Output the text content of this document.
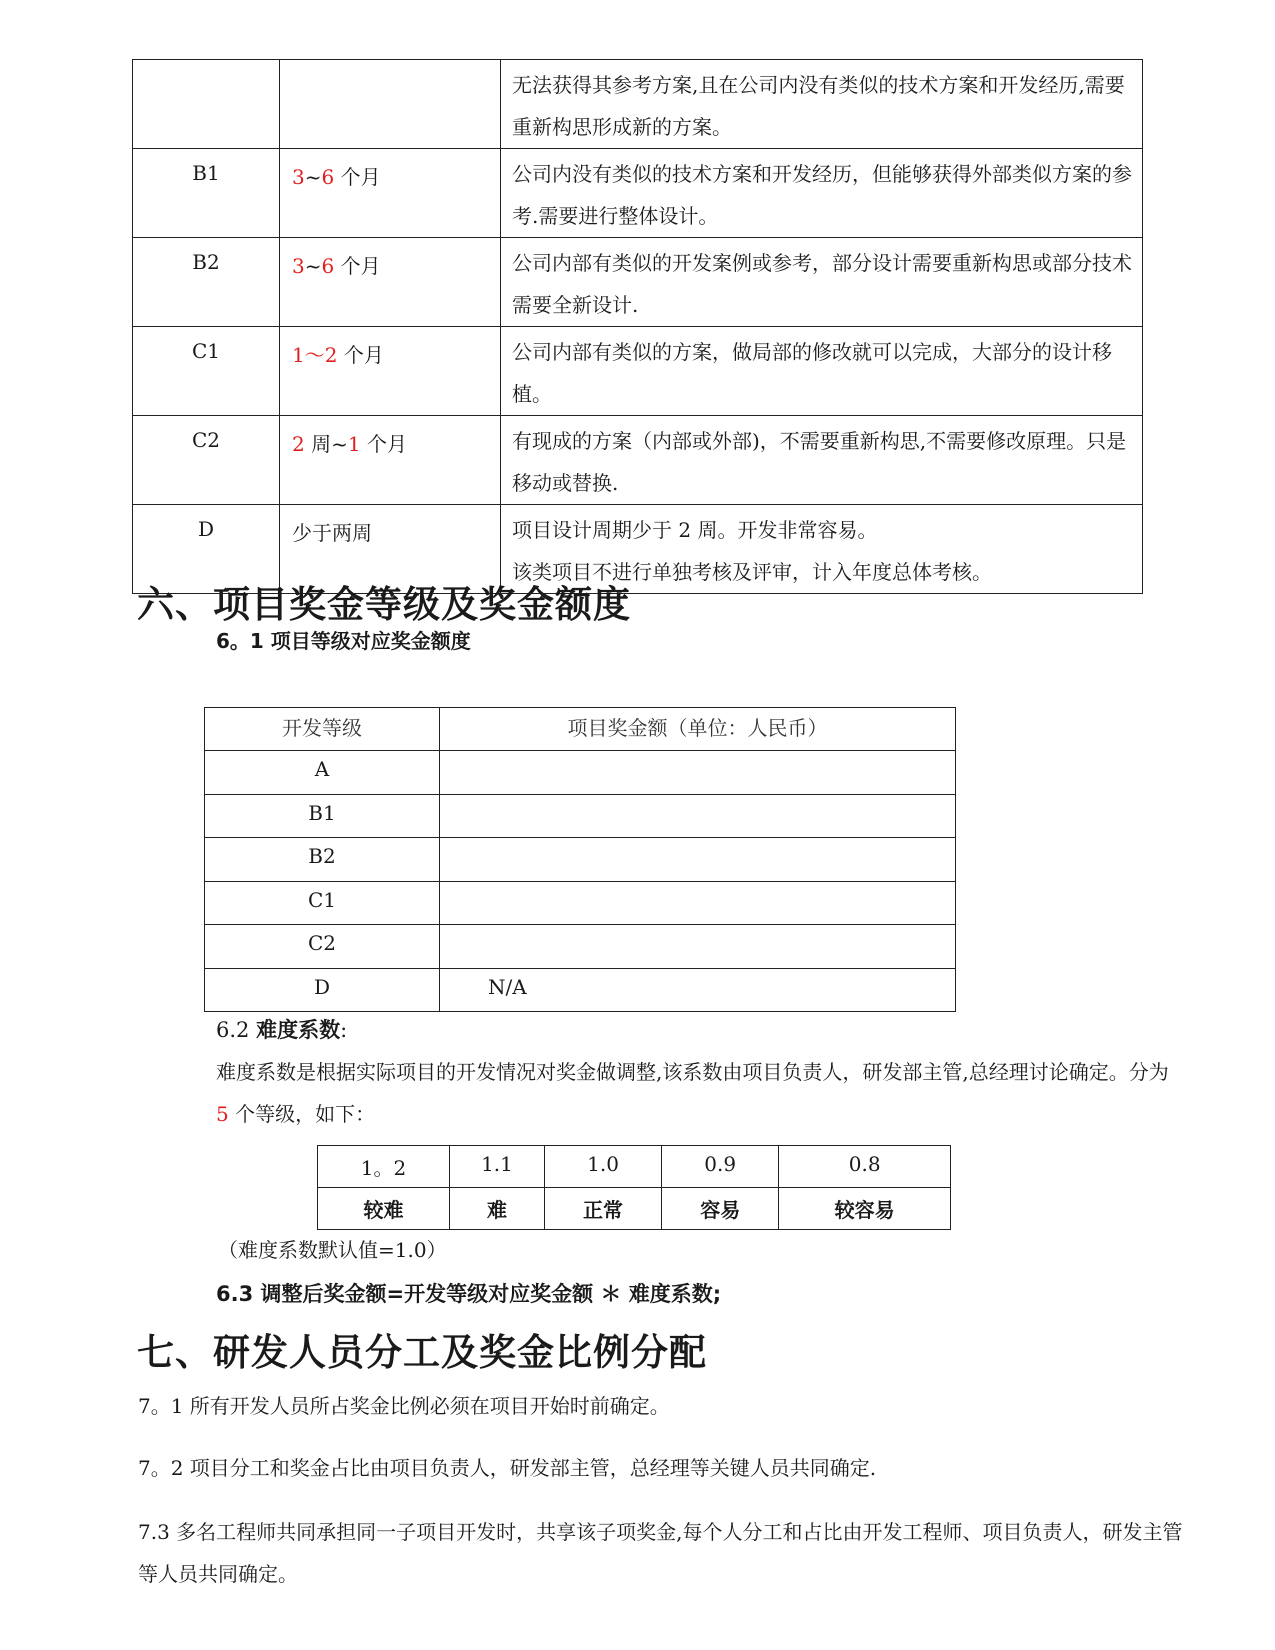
		无法获得其参考方案,且在公司内没有类似的技术方案和开发经历,需要重新构思形成新的方案。
B1	3~6 个月	公司内没有类似的技术方案和开发经历，但能够获得外部类似方案的参考.需要进行整体设计。
B2	3~6 个月	公司内部有类似的开发案例或参考，部分设计需要重新构思或部分技术需要全新设计.
C1	1～2 个月	公司内部有类似的方案，做局部的修改就可以完成，大部分的设计移植。
C2	2 周~1 个月	有现成的方案（内部或外部)，不需要重新构思,不需要修改原理。只是移动或替换.
D	少于两周	项目设计周期少于 2 周。开发非常容易。
该类项目不进行单独考核及评审，计入年度总体考核。
六、项目奖金等级及奖金额度
6。1 项目等级对应奖金额度
开发等级	项目奖金额（单位：人民币）
A	
B1	
B2	
C1	
C2	
D	N/A

6.2 难度系数:

难度系数是根据实际项目的开发情况对奖金做调整,该系数由项目负责人，研发部主管,总经理讨论确定。分为 5 个等级，如下：

1。2	1.1	1.0	0.9	0.8
较难	难	正常	容易	较容易

（难度系数默认值=1.0）

6.3 调整后奖金额=开发等级对应奖金额 ＊ 难度系数;

七、研发人员分工及奖金比例分配

7。1 所有开发人员所占奖金比例必须在项目开始时前确定。

7。2 项目分工和奖金占比由项目负责人，研发部主管，总经理等关键人员共同确定.

7.3 多名工程师共同承担同一子项目开发时，共享该子项奖金,每个人分工和占比由开发工程师、项目负责人，研发主管等人员共同确定。
